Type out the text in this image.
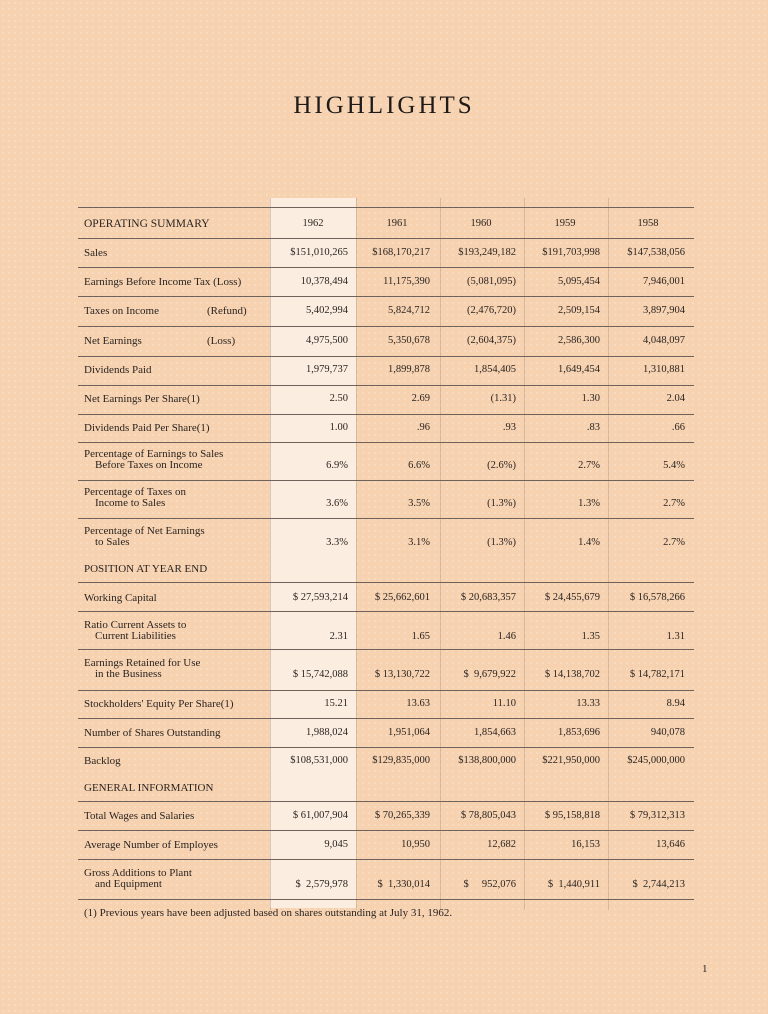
HIGHLIGHTS
OPERATING SUMMARY	1962	1961	1960	1959	1958
Sales	$151,010,265	$168,170,217	$193,249,182	$191,703,998	$147,538,056
Earnings Before Income Tax (Loss)	10,378,494	11,175,390	(5,081,095)	5,095,454	7,946,001
Taxes on Income	(Refund)	5,402,994	5,824,712	(2,476,720)	2,509,154	3,897,904
Net Earnings	(Loss)	4,975,500	5,350,678	(2,604,375)	2,586,300	4,048,097
Dividends Paid	1,979,737	1,899,878	1,854,405	1,649,454	1,310,881
Net Earnings Per Share(1)	2.50	2.69	(1.31)	1.30	2.04
Dividends Paid Per Share(1)	1.00	.96	.93	.83	.66
Percentage of Earnings to Sales
Before Taxes on Income	6.9%	6.6%	(2.6%)	2.7%	5.4%
Percentage of Taxes on
Income to Sales	3.6%	3.5%	(1.3%)	1.3%	2.7%
Percentage of Net Earnings
to Sales	3.3%	3.1%	(1.3%)	1.4%	2.7%
POSITION AT YEAR END
Working Capital	$ 27,593,214	$ 25,662,601	$ 20,683,357	$ 24,455,679	$ 16,578,266
Ratio Current Assets to
Current Liabilities	2.31	1.65	1.46	1.35	1.31
Earnings Retained for Use
in the Business	$ 15,742,088	$ 13,130,722	$  9,679,922	$ 14,138,702	$ 14,782,171
Stockholders' Equity Per Share(1)	15.21	13.63	11.10	13.33	8.94
Number of Shares Outstanding	1,988,024	1,951,064	1,854,663	1,853,696	940,078
Backlog	$108,531,000	$129,835,000	$138,800,000	$221,950,000	$245,000,000
GENERAL INFORMATION
Total Wages and Salaries	$ 61,007,904	$ 70,265,339	$ 78,805,043	$ 95,158,818	$ 79,312,313
Average Number of Employes	9,045	10,950	12,682	16,153	13,646
Gross Additions to Plant
and Equipment	$  2,579,978	$  1,330,014	$     952,076	$  1,440,911	$  2,744,213
(1) Previous years have been adjusted based on shares outstanding at July 31, 1962.
1
